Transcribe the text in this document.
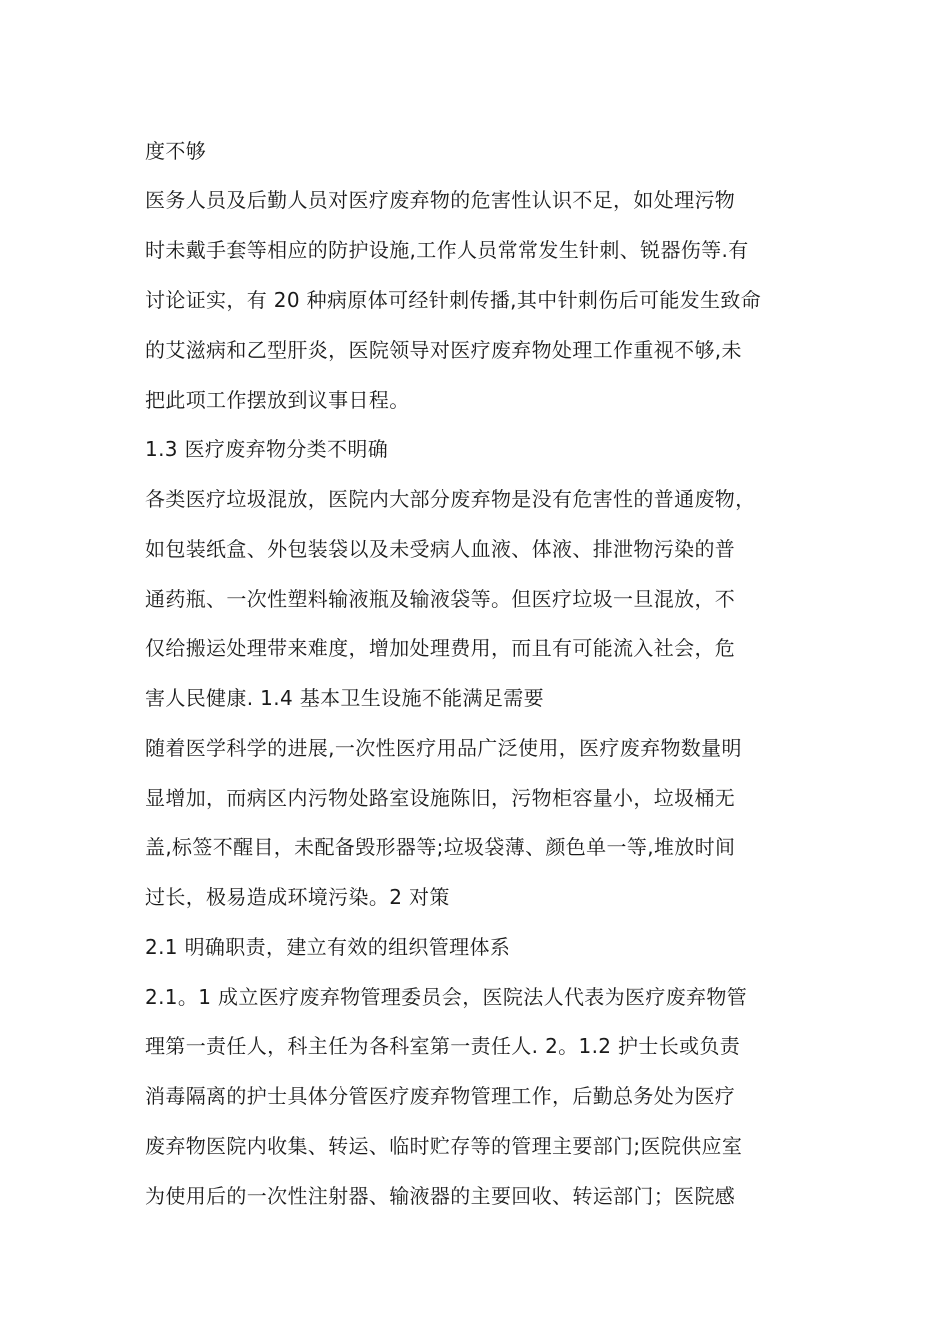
度不够
医务人员及后勤人员对医疗废弃物的危害性认识不足，如处理污物
时未戴手套等相应的防护设施,工作人员常常发生针刺、锐器伤等.有
讨论证实，有 20 种病原体可经针刺传播,其中针刺伤后可能发生致命
的艾滋病和乙型肝炎，医院领导对医疗废弃物处理工作重视不够,未
把此项工作摆放到议事日程。
1.3 医疗废弃物分类不明确
各类医疗垃圾混放，医院内大部分废弃物是没有危害性的普通废物，
如包装纸盒、外包装袋以及未受病人血液、体液、排泄物污染的普
通药瓶、一次性塑料输液瓶及输液袋等。但医疗垃圾一旦混放，不
仅给搬运处理带来难度，增加处理费用，而且有可能流入社会，危
害人民健康. 1.4 基本卫生设施不能满足需要
随着医学科学的进展,一次性医疗用品广泛使用，医疗废弃物数量明
显增加，而病区内污物处路室设施陈旧，污物柜容量小，垃圾桶无
盖,标签不醒目，未配备毁形器等;垃圾袋薄、颜色单一等,堆放时间
过长，极易造成环境污染。2 对策
2.1 明确职责，建立有效的组织管理体系
2.1。1 成立医疗废弃物管理委员会，医院法人代表为医疗废弃物管
理第一责任人，科主任为各科室第一责任人. 2。1.2 护士长或负责
消毒隔离的护士具体分管医疗废弃物管理工作，后勤总务处为医疗
废弃物医院内收集、转运、临时贮存等的管理主要部门;医院供应室
为使用后的一次性注射器、输液器的主要回收、转运部门；医院感
